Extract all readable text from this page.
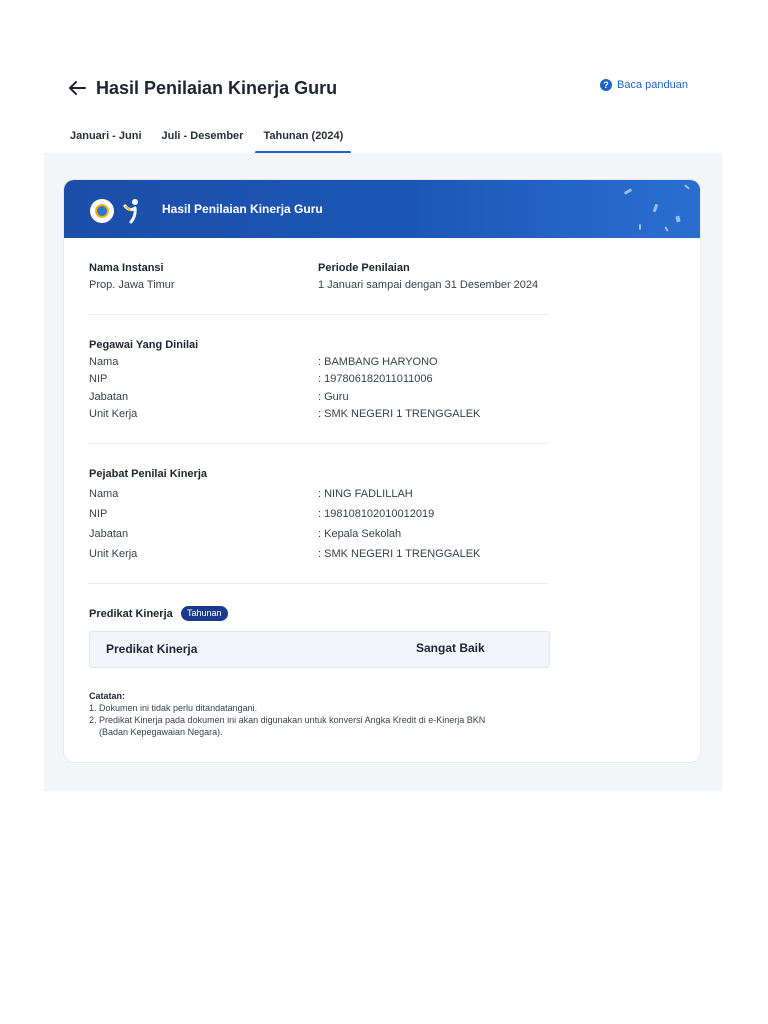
Hasil Penilaian Kinerja Guru	? Baca panduan
Januari - Juni	Juli - Desember	Tahunan (2024)
Hasil Penilaian Kinerja Guru
Nama Instansi
Prop. Jawa Timur
Periode Penilaian
1 Januari sampai dengan 31 Desember 2024
Pegawai Yang Dinilai
Nama	: BAMBANG HARYONO
NIP	: 197806182011011006
Jabatan	: Guru
Unit Kerja	: SMK NEGERI 1 TRENGGALEK
Pejabat Penilai Kinerja
Nama	: NING FADLILLAH
NIP	: 198108102010012019
Jabatan	: Kepala Sekolah
Unit Kerja	: SMK NEGERI 1 TRENGGALEK
Predikat Kinerja	Tahunan
Predikat Kinerja	Sangat Baik
Catatan:
1. Dokumen ini tidak perlu ditandatangani.
2. Predikat Kinerja pada dokumen ini akan digunakan untuk konversi Angka Kredit di e-Kinerja BKN
(Badan Kepegawaian Negara).
